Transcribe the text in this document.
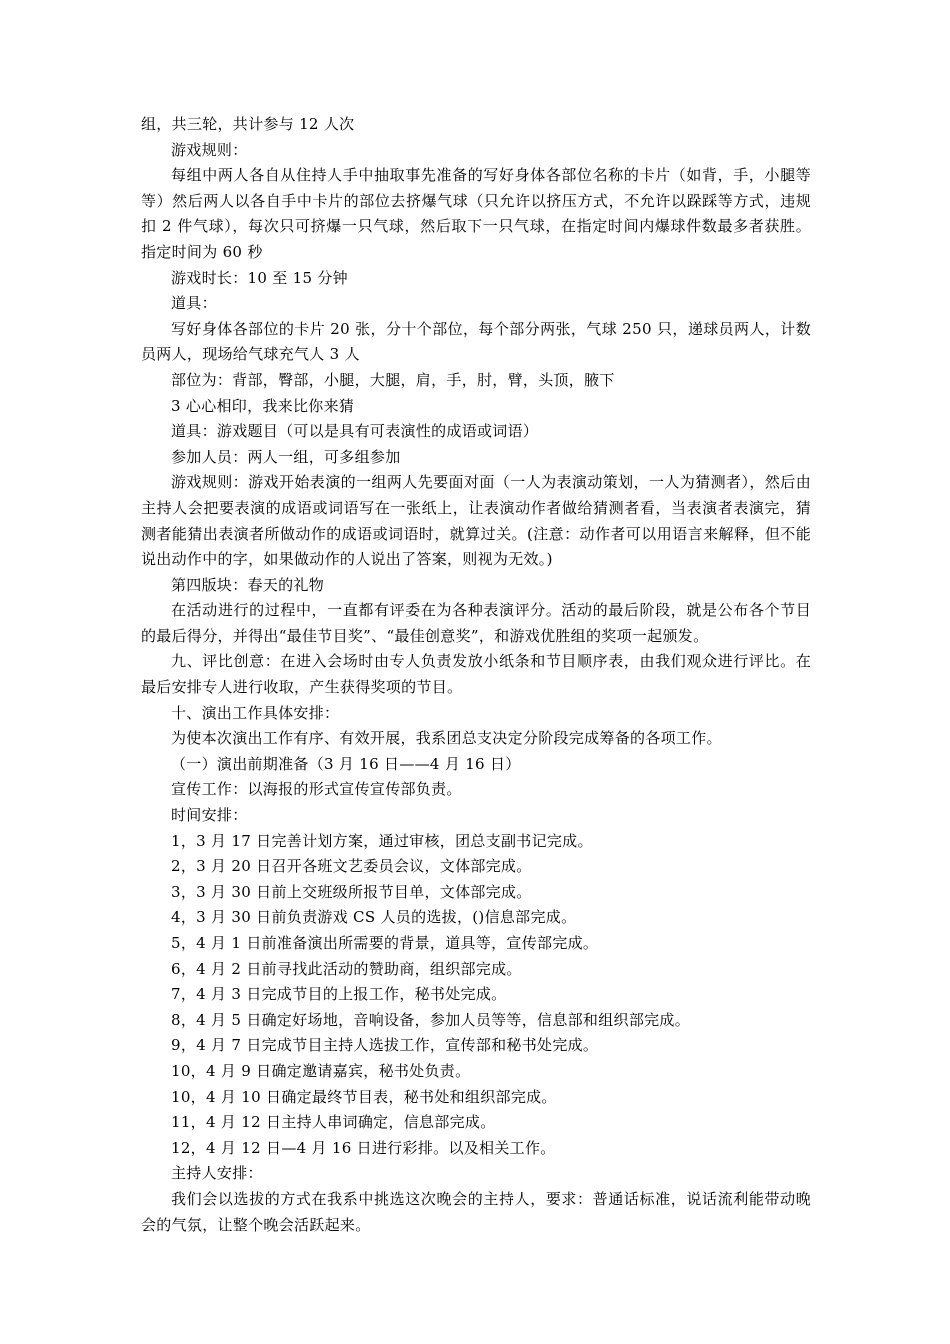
组，共三轮，共计参与 12 人次

游戏规则：

每组中两人各自从住持人手中抽取事先准备的写好身体各部位名称的卡片（如背，手，小腿等等）然后两人以各自手中卡片的部位去挤爆气球（只允许以挤压方式，不允许以跺踩等方式，违规扣 2 件气球），每次只可挤爆一只气球，然后取下一只气球，在指定时间内爆球件数最多者获胜。指定时间为 60 秒

游戏时长：10 至 15 分钟

道具：

写好身体各部位的卡片 20 张，分十个部位，每个部分两张，气球 250 只，递球员两人，计数员两人，现场给气球充气人 3 人

部位为：背部，臀部，小腿，大腿，肩，手，肘，臂，头顶，腋下

3 心心相印，我来比你来猜

道具：游戏题目（可以是具有可表演性的成语或词语）

参加人员：两人一组，可多组参加

游戏规则：游戏开始表演的一组两人先要面对面（一人为表演动策划，一人为猜测者），然后由主持人会把要表演的成语或词语写在一张纸上，让表演动作者做给猜测者看，当表演者表演完，猜测者能猜出表演者所做动作的成语或词语时，就算过关。(注意：动作者可以用语言来解释，但不能说出动作中的字，如果做动作的人说出了答案，则视为无效。)

第四版块：春天的礼物

在活动进行的过程中，一直都有评委在为各种表演评分。活动的最后阶段，就是公布各个节目的最后得分，并得出“最佳节目奖”、“最佳创意奖”，和游戏优胜组的奖项一起颁发。

九、评比创意：在进入会场时由专人负责发放小纸条和节目顺序表，由我们观众进行评比。在最后安排专人进行收取，产生获得奖项的节目。

十、演出工作具体安排：

为使本次演出工作有序、有效开展，我系团总支决定分阶段完成筹备的各项工作。

（一）演出前期准备（3 月 16 日——4 月 16 日）

宣传工作：以海报的形式宣传宣传部负责。

时间安排：

1，3 月 17 日完善计划方案，通过审核，团总支副书记完成。

2，3 月 20 日召开各班文艺委员会议，文体部完成。

3，3 月 30 日前上交班级所报节目单，文体部完成。

4，3 月 30 日前负责游戏 CS 人员的选拔，()信息部完成。

5，4 月 1 日前准备演出所需要的背景，道具等，宣传部完成。

6，4 月 2 日前寻找此活动的赞助商，组织部完成。

7，4 月 3 日完成节目的上报工作，秘书处完成。

8，4 月 5 日确定好场地，音响设备，参加人员等等，信息部和组织部完成。

9，4 月 7 日完成节目主持人选拔工作，宣传部和秘书处完成。

10，4 月 9 日确定邀请嘉宾，秘书处负责。

10，4 月 10 日确定最终节目表，秘书处和组织部完成。

11，4 月 12 日主持人串词确定，信息部完成。

12，4 月 12 日—4 月 16 日进行彩排。以及相关工作。

主持人安排：

我们会以选拔的方式在我系中挑选这次晚会的主持人，要求：普通话标准，说话流利能带动晚会的气氛，让整个晚会活跃起来。
